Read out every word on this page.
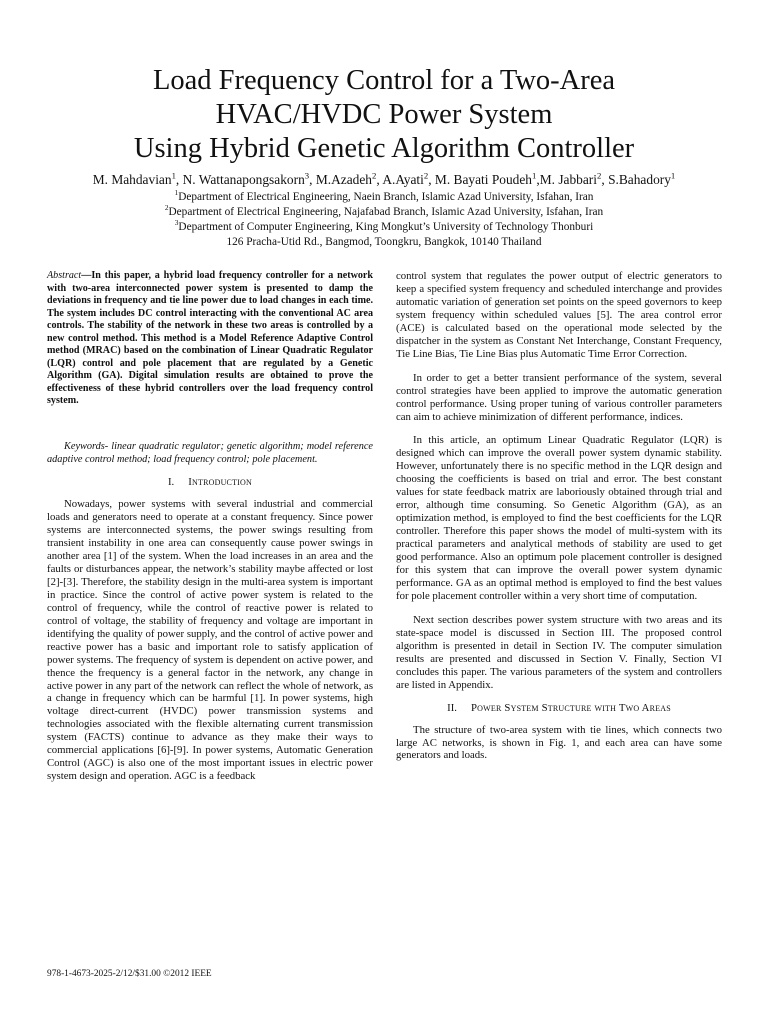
Load Frequency Control for a Two-Area
HVAC/HVDC Power System
Using Hybrid Genetic Algorithm Controller
M. Mahdavian$^1$, N. Wattanapongsakorn$^3$, M.Azadeh$^2$, A.Ayati$^2$, M. Bayati Poudeh$^1$,M. Jabbari$^2$, S.Bahadory$^1$
$^1$Department of Electrical Engineering, Naein Branch, Islamic Azad University, Isfahan, Iran
$^2$Department of Electrical Engineering, Najafabad Branch, Islamic Azad University, Isfahan, Iran
$^3$Department of Computer Engineering, King Mongkut’s University of Technology Thonburi
126 Pracha-Utid Rd., Bangmod, Toongkru, Bangkok, 10140 Thailand

Abstract—In this paper, a hybrid load frequency controller for a network with two-area interconnected power system is presented to damp the deviations in frequency and tie line power due to load changes in each time. The system includes DC control interacting with the conventional AC area controls. The stability of the network in these two areas is controlled by a new control method. This method is a Model Reference Adaptive Control method (MRAC) based on the combination of Linear Quadratic Regulator (LQR) control and pole placement that are regulated by a Genetic Algorithm (GA). Digital simulation results are obtained to prove the effectiveness of these hybrid controllers over the load frequency control system.

Keywords- linear quadratic regulator; genetic algorithm; model reference adaptive control method; load frequency control; pole placement.

I. Introduction

Nowadays, power systems with several industrial and commercial loads and generators need to operate at a constant frequency. Since power systems are interconnected systems, the power swings resulting from transient instability in one area can consequently cause power swings in another area [1] of the system. When the load increases in an area and the faults or disturbances appear, the network’s stability maybe affected or lost [2]-[3]. Therefore, the stability design in the multi-area system is important in practice. Since the control of active power system is related to the control of frequency, while the control of reactive power is related to control of voltage, the stability of frequency and voltage are important in identifying the quality of power supply, and the control of active power and reactive power has a basic and important role to satisfy application of power systems. The frequency of system is dependent on active power, and thence the frequency is a general factor in the network, any change in active power in any part of the network can reflect the whole of network, as a change in frequency which can be harmful [1]. In power systems, high voltage direct-current (HVDC) power transmission systems and technologies associated with the flexible alternating current transmission system (FACTS) continue to advance as they make their ways to commercial applications [6]-[9]. In power systems, Automatic Generation Control (AGC) is also one of the most important issues in electric power system design and operation. AGC is a feedback

control system that regulates the power output of electric generators to keep a specified system frequency and scheduled interchange and provides automatic variation of generation set points on the speed governors to keep system frequency within scheduled values [5]. The area control error (ACE) is calculated based on the operational mode selected by the dispatcher in the system as Constant Net Interchange, Constant Frequency, Tie Line Bias, Tie Line Bias plus Automatic Time Error Correction.

In order to get a better transient performance of the system, several control strategies have been applied to improve the automatic generation control performance. Using proper tuning of various controller parameters can aim to achieve minimization of different performance, indices.

In this article, an optimum Linear Quadratic Regulator (LQR) is designed which can improve the overall power system dynamic stability. However, unfortunately there is no specific method in the LQR design and choosing the coefficients is based on trial and error. The best constant values for state feedback matrix are laboriously obtained through trial and error, although time consuming. So Genetic Algorithm (GA), as an optimization method, is employed to find the best coefficients for the LQR controller. Therefore this paper shows the model of multi-system with its practical parameters and analytical methods of stability are used to get good performance. Also an optimum pole placement controller is designed for this system that can improve the overall power system dynamic performance. GA as an optimal method is employed to find the best values for pole placement controller within a very short time of computation.

Next section describes power system structure with two areas and its state-space model is discussed in Section III. The proposed control algorithm is presented in detail in Section IV. The computer simulation results are presented and discussed in Section V. Finally, Section VI concludes this paper. The various parameters of the system and controllers are listed in Appendix.

II. Power System Structure with Two Areas

The structure of two-area system with tie lines, which connects two large AC networks, is shown in Fig. 1, and each area can have some generators and loads.

978-1-4673-2025-2/12/$31.00 ©2012 IEEE
